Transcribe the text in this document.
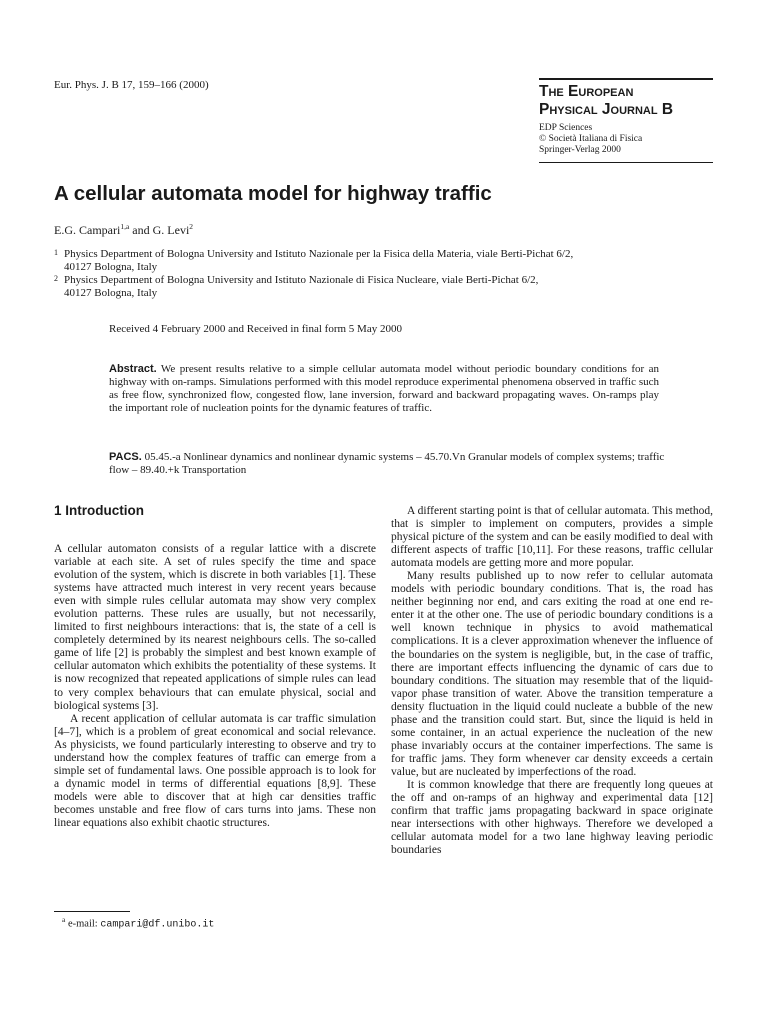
Eur. Phys. J. B 17, 159–166 (2000)	The European
Physical Journal B
EDP Sciences
© Società Italiana di Fisica
Springer-Verlag 2000
A cellular automata model for highway traffic
E.G. Campari$^{1,a}$ and G. Levi$^2$
1 Physics Department of Bologna University and Istituto Nazionale per la Fisica della Materia, viale Berti-Pichat 6/2,
40127 Bologna, Italy
2 Physics Department of Bologna University and Istituto Nazionale di Fisica Nucleare, viale Berti-Pichat 6/2,
40127 Bologna, Italy
Received 4 February 2000 and Received in final form 5 May 2000
Abstract. We present results relative to a simple cellular automata model without periodic boundary conditions for an highway with on-ramps. Simulations performed with this model reproduce experimental phenomena observed in traffic such as free flow, synchronized flow, congested flow, lane inversion, forward and backward propagating waves. On-ramps play the important role of nucleation points for the dynamic features of traffic.
PACS. 05.45.-a Nonlinear dynamics and nonlinear dynamic systems – 45.70.Vn Granular models of complex systems; traffic flow – 89.40.+k Transportation
1 Introduction

A cellular automaton consists of a regular lattice with a discrete variable at each site. A set of rules specify the time and space evolution of the system, which is discrete in both variables [1]. These systems have attracted much interest in very recent years because even with simple rules cellular automata may show very complex evolution patterns. These rules are usually, but not necessarily, limited to first neighbours interactions: that is, the state of a cell is completely determined by its nearest neighbours cells. The so-called game of life [2] is probably the simplest and best known example of cellular automaton which exhibits the potentiality of these systems. It is now recognized that repeated applications of simple rules can lead to very complex behaviours that can emulate physical, social and biological systems [3].

A recent application of cellular automata is car traffic simulation [4–7], which is a problem of great economical and social relevance. As physicists, we found particularly interesting to observe and try to understand how the complex features of traffic can emerge from a simple set of fundamental laws. One possible approach is to look for a dynamic model in terms of differential equations [8,9]. These models were able to discover that at high car densities traffic becomes unstable and free flow of cars turns into jams. These non linear equations also exhibit chaotic structures.

A different starting point is that of cellular automata. This method, that is simpler to implement on computers, provides a simple physical picture of the system and can be easily modified to deal with different aspects of traffic [10,11]. For these reasons, traffic cellular automata models are getting more and more popular.

Many results published up to now refer to cellular automata models with periodic boundary conditions. That is, the road has neither beginning nor end, and cars exiting the road at one end re-enter it at the other one. The use of periodic boundary conditions is a well known technique in physics to avoid mathematical complications. It is a clever approximation whenever the influence of the boundaries on the system is negligible, but, in the case of traffic, there are important effects influencing the dynamic of cars due to boundary conditions. The situation may resemble that of the liquid-vapor phase transition of water. Above the transition temperature a density fluctuation in the liquid could nucleate a bubble of the new phase and the transition could start. But, since the liquid is held in some container, in an actual experience the nucleation of the new phase invariably occurs at the container imperfections. The same is for traffic jams. They form whenever car density exceeds a certain value, but are nucleated by imperfections of the road.

It is common knowledge that there are frequently long queues at the off and on-ramps of an highway and experimental data [12] confirm that traffic jams propagating backward in space originate near intersections with other highways. Therefore we developed a cellular automata model for a two lane highway leaving periodic boundaries

$^a$ e-mail: campari@df.unibo.it
